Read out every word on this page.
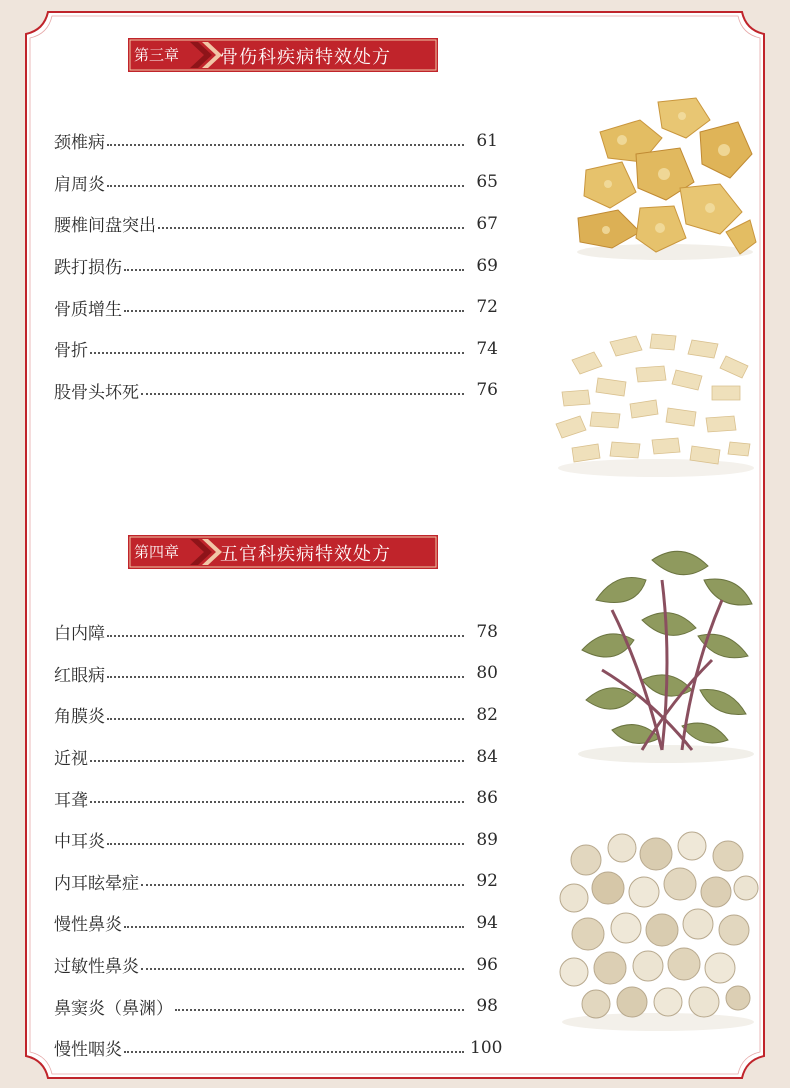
第三章 骨伤科疾病特效处方
颈椎病	61
肩周炎	65
腰椎间盘突出	67
跌打损伤	69
骨质增生	72
骨折	74
股骨头坏死	76
第四章 五官科疾病特效处方
白内障	78
红眼病	80
角膜炎	82
近视	84
耳聋	86
中耳炎	89
内耳眩晕症	92
慢性鼻炎	94
过敏性鼻炎	96
鼻窦炎（鼻渊）	98
慢性咽炎	100
